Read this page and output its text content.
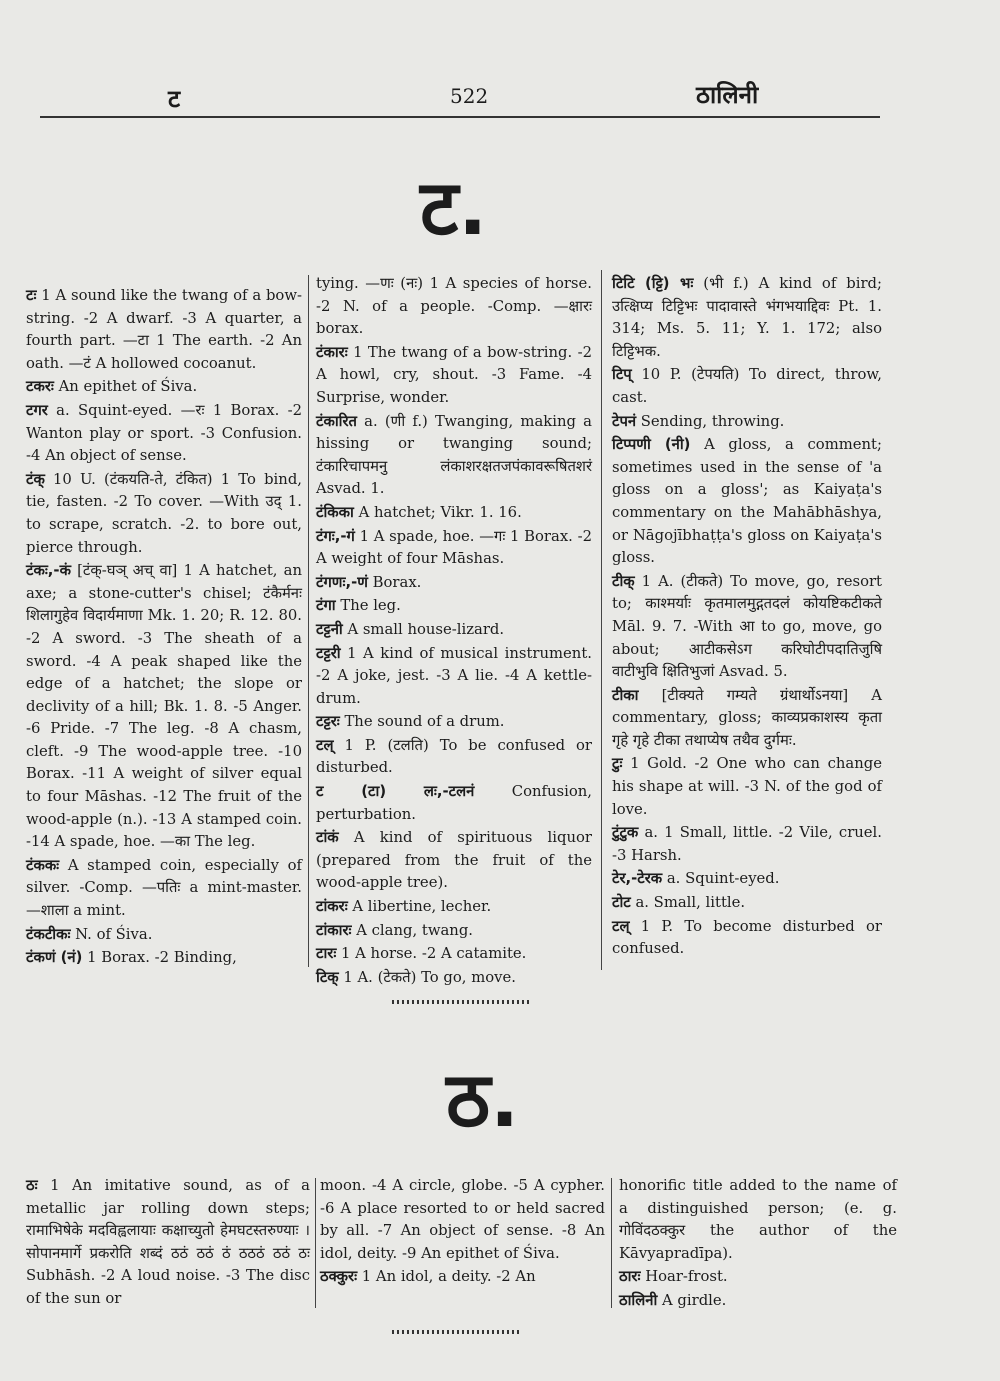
ट	522	ठालिनी
ट.
ठ.

टः 1 A sound like the twang of a bow-string. -2 A dwarf. -3 A quarter, a fourth part. —टा 1 The earth. -2 An oath. —टं A hollowed cocoanut.

टकरः An epithet of Śiva.

टगर a. Squint-eyed. —रः 1 Borax. -2 Wanton play or sport. -3 Confusion. -4 An object of sense.

टंक् 10 U. (टंकयति-ते, टंकित) 1 To bind, tie, fasten. -2 To cover. —With उद् 1. to scrape, scratch. -2. to bore out, pierce through.

टंकः,-कं [टंक्-घञ् अच् वा] 1 A hatchet, an axe; a stone-cutter's chisel; टंकैर्मनः शिलागुहेव विदार्यमाणा Mk. 1. 20; R. 12. 80. -2 A sword. -3 The sheath of a sword. -4 A peak shaped like the edge of a hatchet; the slope or declivity of a hill; Bk. 1. 8. -5 Anger. -6 Pride. -7 The leg. -8 A chasm, cleft. -9 The wood-apple tree. -10 Borax. -11 A weight of silver equal to four Māshas. -12 The fruit of the wood-apple (n.). -13 A stamped coin. -14 A spade, hoe. —का The leg.

टंककः A stamped coin, especially of silver. -Comp. —पतिः a mint-master. —शाला a mint.

टंकटीकः N. of Śiva.

टंकणं (नं) 1 Borax. -2 Binding,

tying. —णः (नः) 1 A species of horse. -2 N. of a people. -Comp. —क्षारः borax.

टंकारः 1 The twang of a bow-string. -2 A howl, cry, shout. -3 Fame. -4 Surprise, wonder.

टंकारित a. (णी f.) Twanging, making a hissing or twanging sound; टंकारिचापमनु लंकाशरक्षतजपंकावरूषितशरं Asvad. 1.

टंकिका A hatchet; Vikr. 1. 16.

टंगः,-गं 1 A spade, hoe. —गः 1 Borax. -2 A weight of four Māshas.

टंगणः,-णं Borax.

टंगा The leg.

टट्टनी A small house-lizard.

टट्टरी 1 A kind of musical instrument. -2 A joke, jest. -3 A lie. -4 A kettle-drum.

टट्टरः The sound of a drum.

टल् 1 P. (टलति) To be confused or disturbed.

ट (टा) लः,-टलनं Confusion, perturbation.

टांकं A kind of spirituous liquor (prepared from the fruit of the wood-apple tree).

टांकरः A libertine, lecher.

टांकारः A clang, twang.

टारः 1 A horse. -2 A catamite.

टिक् 1 A. (टेकते) To go, move.

टिटि (ट्टि) भः (भी f.) A kind of bird; उत्क्षिप्य टिट्टिभः पादावास्ते भंगभयाद्दिवः Pt. 1. 314; Ms. 5. 11; Y. 1. 172; also टिट्टिभक.

टिप् 10 P. (टेपयति) To direct, throw, cast.

टेपनं Sending, throwing.

टिप्पणी (नी) A gloss, a comment; sometimes used in the sense of 'a gloss on a gloss'; as Kaiyaṭa's commentary on the Mahābhāshya, or Nāgojībhaṭṭa's gloss on Kaiyaṭa's gloss.

टीक् 1 A. (टीकते) To move, go, resort to; काश्मर्याः कृतमालमुद्गतदलं कोयष्टिकटीकते Māl. 9. 7. -With आ to go, move, go about; आटीकसेऽग करिघोटीपदातिजुषि वाटीभुवि क्षितिभुजां Asvad. 5.

टीका [टीक्यते गम्यते ग्रंथार्थोऽनया] A commentary, gloss; काव्यप्रकाशस्य कृता गृहे गृहे टीका तथाप्येष तथैव दुर्गमः.

टुः 1 Gold. -2 One who can change his shape at will. -3 N. of the god of love.

टुंटुक a. 1 Small, little. -2 Vile, cruel. -3 Harsh.

टेर,-टेरक a. Squint-eyed.

टोट a. Small, little.

टल् 1 P. To become disturbed or confused.

ठः 1 An imitative sound, as of a metallic jar rolling down steps; रामाभिषेके मदविह्वलायाः कक्षाच्युतो हेमघटस्तरुण्याः । सोपानमार्गे प्रकरोति शब्दं ठठं ठठं ठं ठठठं ठठं ठः Subhāsh. -2 A loud noise. -3 The disc of the sun or

moon. -4 A circle, globe. -5 A cypher. -6 A place resorted to or held sacred by all. -7 An object of sense. -8 An idol, deity. -9 An epithet of Śiva.

ठक्कुरः 1 An idol, a deity. -2 An

honorific title added to the name of a distinguished person; (e. g. गोविंदठक्कुर the author of the Kāvyapradīpa).

ठारः Hoar-frost.

ठालिनी A girdle.
